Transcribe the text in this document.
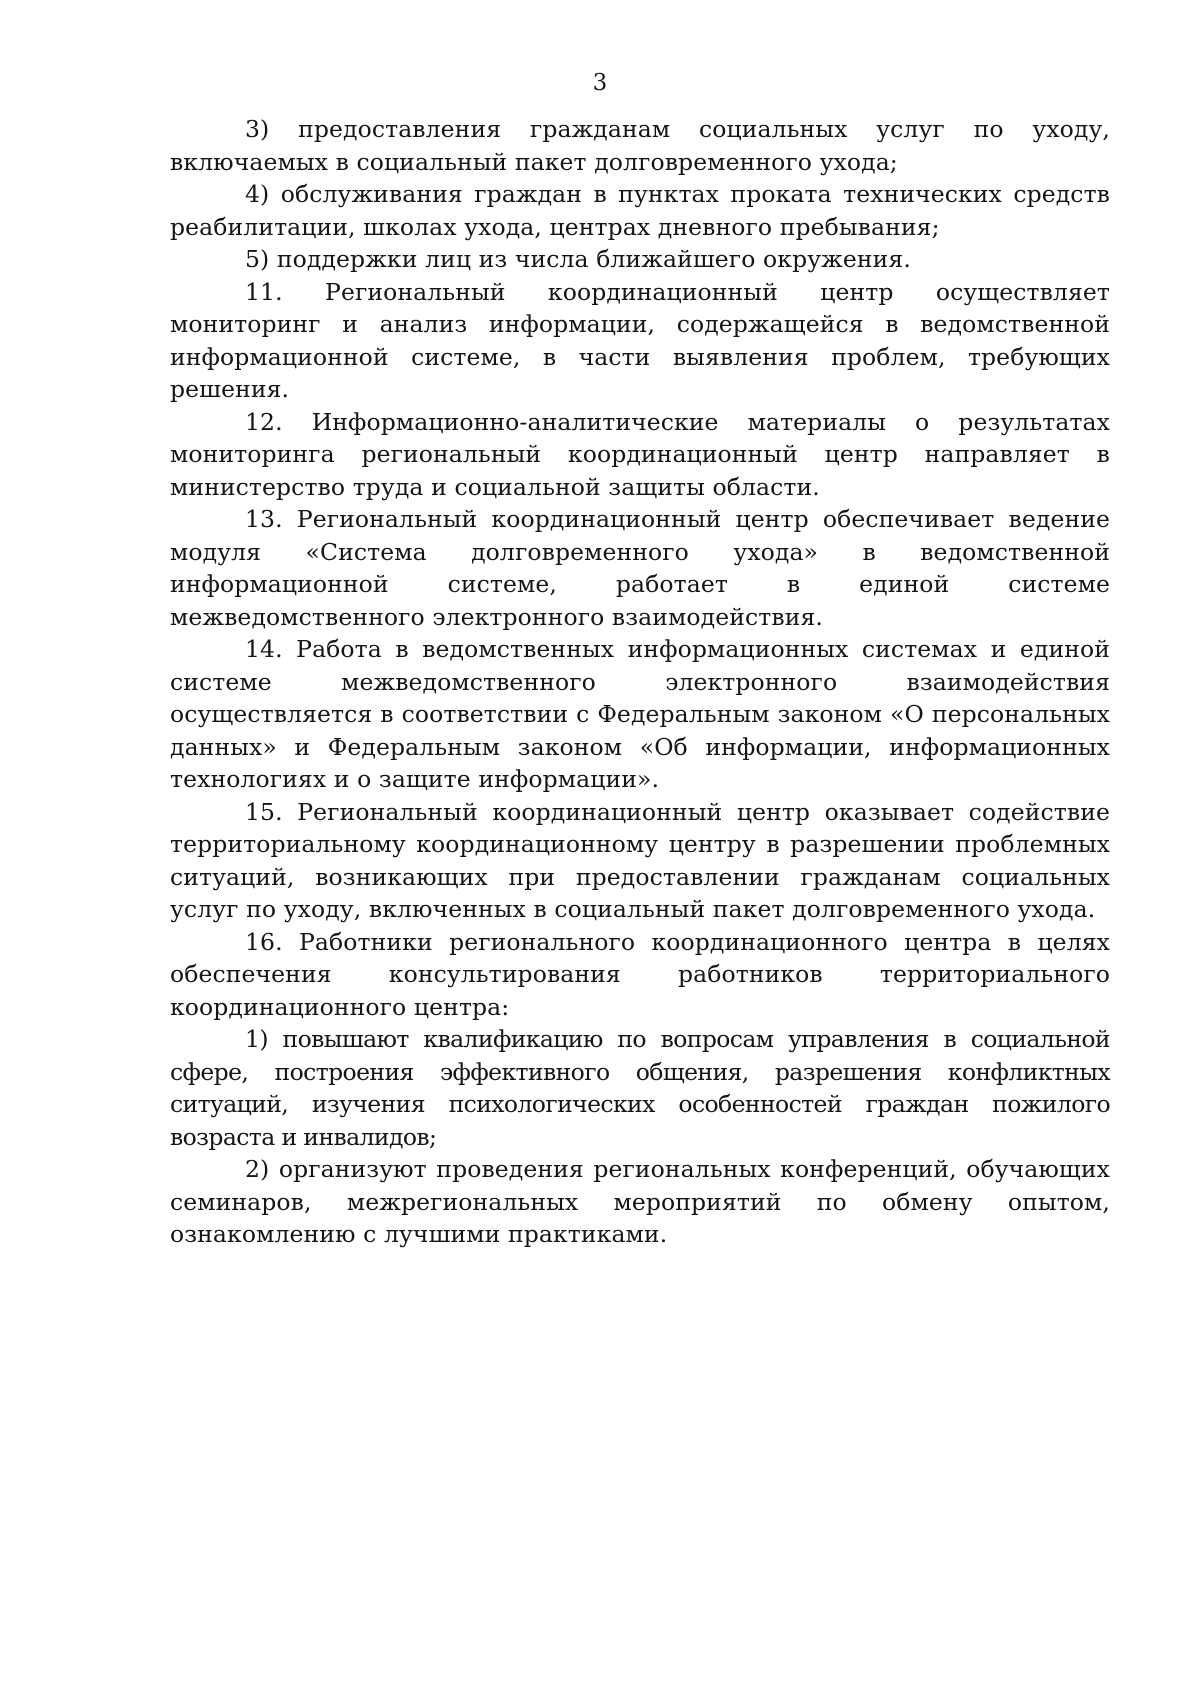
3

3) предоставления гражданам социальных услуг по уходу, включаемых в социальный пакет долговременного ухода;

4) обслуживания граждан в пунктах проката технических средств реабилитации, школах ухода, центрах дневного пребывания;

5) поддержки лиц из числа ближайшего окружения.

11. Региональный координационный центр осуществляет мониторинг и анализ информации, содержащейся в ведомственной информационной системе, в части выявления проблем, требующих решения.

12. Информационно-аналитические материалы о результатах мониторинга региональный координационный центр направляет в министерство труда и социальной защиты области.

13. Региональный координационный центр обеспечивает ведение модуля «Система долговременного ухода» в ведомственной информационной системе, работает в единой системе межведомственного электронного взаимодействия.

14. Работа в ведомственных информационных системах и единой системе межведомственного электронного взаимодействия осуществляется в соответствии с Федеральным законом «О персональных данных» и Федеральным законом «Об информации, информационных технологиях и о защите информации».

15. Региональный координационный центр оказывает содействие территориальному координационному центру в разрешении проблемных ситуаций, возникающих при предоставлении гражданам социальных услуг по уходу, включенных в социальный пакет долговременного ухода.

16. Работники регионального координационного центра в целях обеспечения консультирования работников территориального координационного центра:

1) повышают квалификацию по вопросам управления в социальной сфере, построения эффективного общения, разрешения конфликтных ситуаций, изучения психологических особенностей граждан пожилого возраста и инвалидов;

2) организуют проведения региональных конференций, обучающих семинаров, межрегиональных мероприятий по обмену опытом, ознакомлению с лучшими практиками.
